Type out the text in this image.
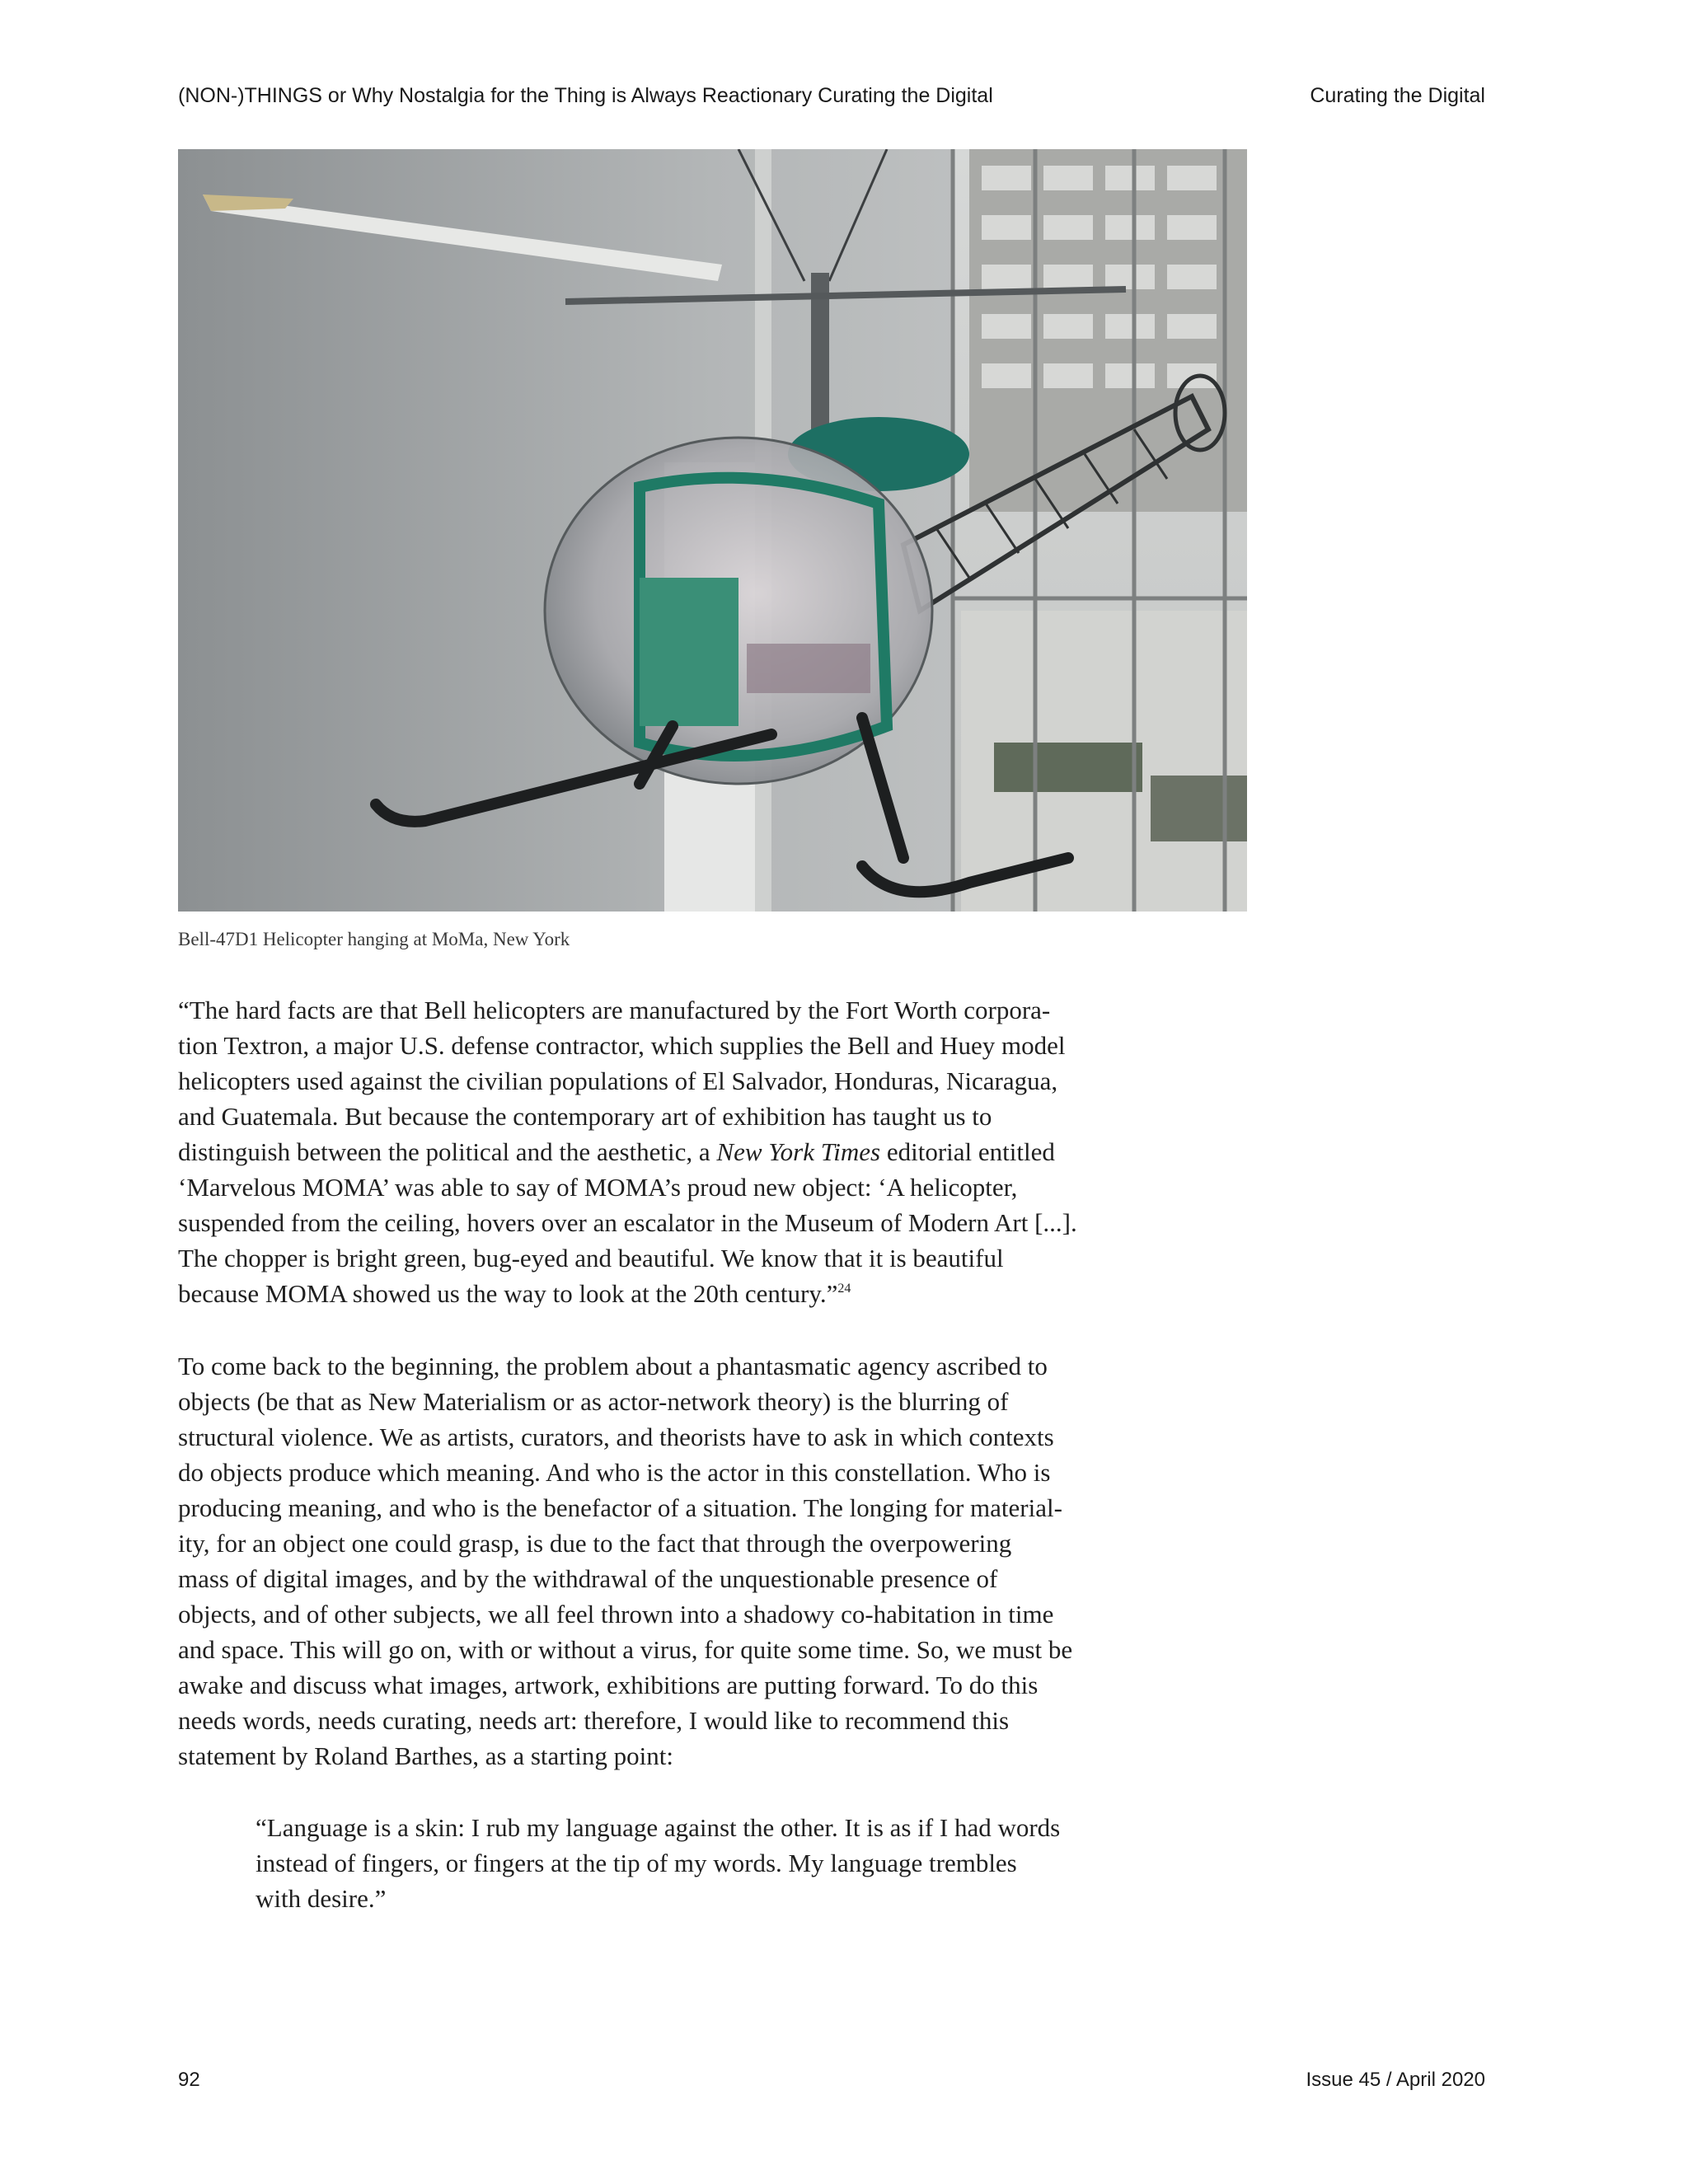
(NON-)THINGS or Why Nostalgia for the Thing is Always Reactionary Curating the Digital	Curating the Digital
Bell-47D1 Helicopter hanging at MoMa, New York
“The hard facts are that Bell helicopters are manufactured by the Fort Worth corpora-
tion Textron, a major U.S. defense contractor, which supplies the Bell and Huey model
helicopters used against the civilian populations of El Salvador, Honduras, Nicaragua,
and Guatemala. But because the contemporary art of exhibition has taught us to
distinguish between the political and the aesthetic, a New York Times editorial entitled
‘Marvelous MOMA’ was able to say of MOMA’s proud new object: ‘A helicopter,
suspended from the ceiling, hovers over an escalator in the Museum of Modern Art [...].
The chopper is bright green, bug-eyed and beautiful. We know that it is beautiful
because MOMA showed us the way to look at the 20th century.”$^{24}$
To come back to the beginning, the problem about a phantasmatic agency ascribed to
objects (be that as New Materialism or as actor-network theory) is the blurring of
structural violence. We as artists, curators, and theorists have to ask in which contexts
do objects produce which meaning. And who is the actor in this constellation. Who is
producing meaning, and who is the benefactor of a situation. The longing for material-
ity, for an object one could grasp, is due to the fact that through the overpowering
mass of digital images, and by the withdrawal of the unquestionable presence of
objects, and of other subjects, we all feel thrown into a shadowy co-habitation in time
and space. This will go on, with or without a virus, for quite some time. So, we must be
awake and discuss what images, artwork, exhibitions are putting forward. To do this
needs words, needs curating, needs art: therefore, I would like to recommend this
statement by Roland Barthes, as a starting point:
“Language is a skin: I rub my language against the other. It is as if I had words
instead of fingers, or fingers at the tip of my words. My language trembles
with desire.”
92	Issue 45 / April 2020
